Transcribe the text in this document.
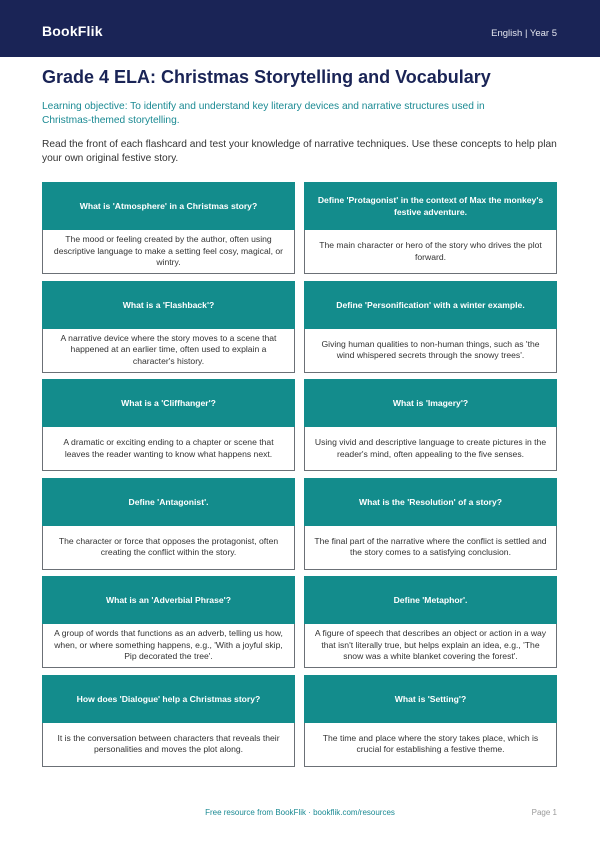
BookFlik	English | Year 5
Grade 4 ELA: Christmas Storytelling and Vocabulary

Learning objective: To identify and understand key literary devices and narrative structures used in Christmas-themed storytelling.

Read the front of each flashcard and test your knowledge of narrative techniques. Use these concepts to help plan your own original festive story.

What is 'Atmosphere' in a Christmas story?
The mood or feeling created by the author, often using descriptive language to make a setting feel cosy, magical, or wintry.
Define 'Protagonist' in the context of Max the monkey's festive adventure.
The main character or hero of the story who drives the plot forward.
What is a 'Flashback'?
A narrative device where the story moves to a scene that happened at an earlier time, often used to explain a character's history.
Define 'Personification' with a winter example.
Giving human qualities to non-human things, such as 'the wind whispered secrets through the snowy trees'.
What is a 'Cliffhanger'?
A dramatic or exciting ending to a chapter or scene that leaves the reader wanting to know what happens next.
What is 'Imagery'?
Using vivid and descriptive language to create pictures in the reader's mind, often appealing to the five senses.
Define 'Antagonist'.
The character or force that opposes the protagonist, often creating the conflict within the story.
What is the 'Resolution' of a story?
The final part of the narrative where the conflict is settled and the story comes to a satisfying conclusion.
What is an 'Adverbial Phrase'?
A group of words that functions as an adverb, telling us how, when, or where something happens, e.g., 'With a joyful skip, Pip decorated the tree'.
Define 'Metaphor'.
A figure of speech that describes an object or action in a way that isn't literally true, but helps explain an idea, e.g., 'The snow was a white blanket covering the forest'.
How does 'Dialogue' help a Christmas story?
It is the conversation between characters that reveals their personalities and moves the plot along.
What is 'Setting'?
The time and place where the story takes place, which is crucial for establishing a festive theme.
Free resource from BookFlik · bookflik.com/resources	Page 1
